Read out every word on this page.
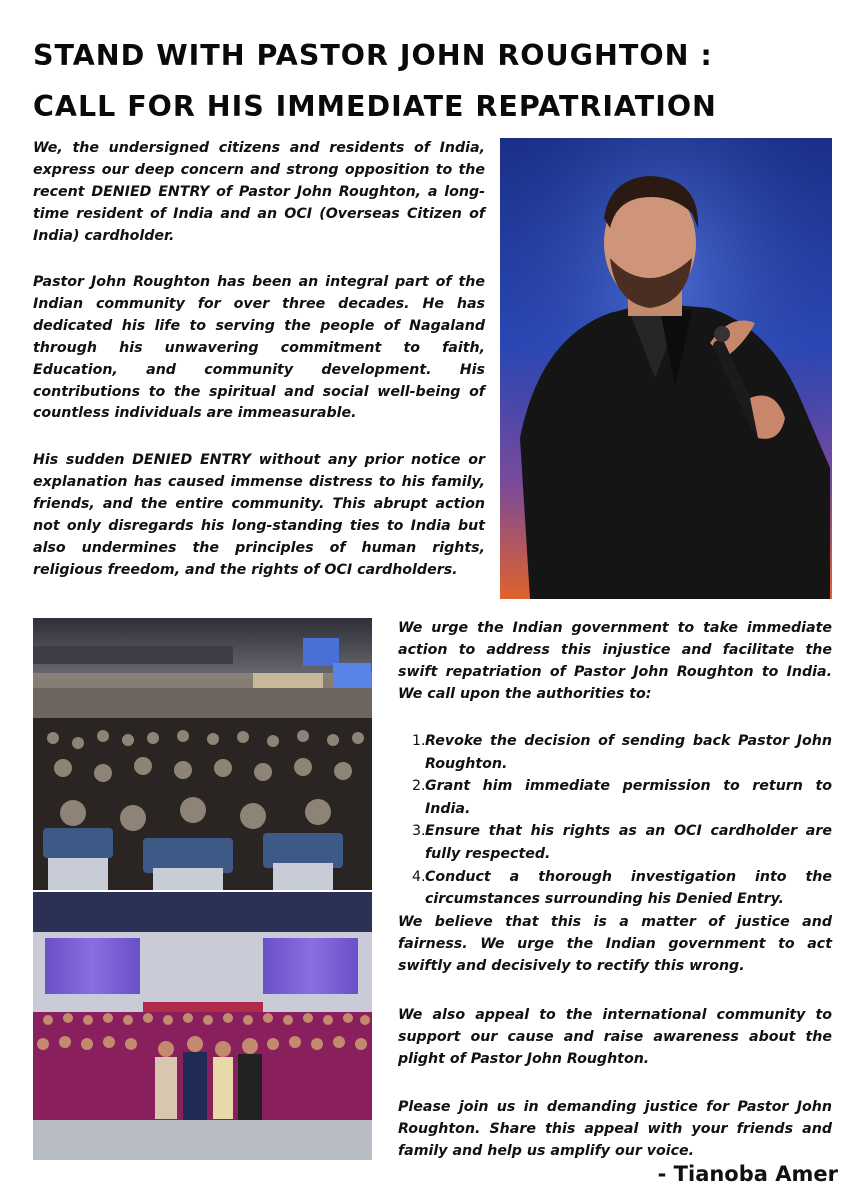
STAND WITH PASTOR JOHN ROUGHTON :
CALL FOR HIS IMMEDIATE REPATRIATION

We, the undersigned citizens and residents of India, express our deep concern and strong opposition to the recent DENIED ENTRY of Pastor John Roughton, a long-time resident of India and an OCI (Overseas Citizen of India) cardholder.

Pastor John Roughton has been an integral part of the Indian community for over three decades. He has dedicated his life to serving the people of Nagaland through his unwavering commitment to faith, Education, and community development. His contributions to the spiritual and social well-being of countless individuals are immeasurable.

His sudden DENIED ENTRY without any prior notice or explanation has caused immense distress to his family, friends, and the entire community. This abrupt action not only disregards his long-standing ties to India but also undermines the principles of human rights, religious freedom, and the rights of OCI cardholders.

We urge the Indian government to take immediate action to address this injustice and facilitate the swift repatriation of Pastor John Roughton to India. We call upon the authorities to:

1. Revoke the decision of sending back Pastor John Roughton.
2. Grant him immediate permission to return to India.
3. Ensure that his rights as an OCI cardholder are fully respected.
4. Conduct a thorough investigation into the circumstances surrounding his Denied Entry.

We believe that this is a matter of justice and fairness. We urge the Indian government to act swiftly and decisively to rectify this wrong.

We also appeal to the international community to support our cause and raise awareness about the plight of Pastor John Roughton.

Please join us in demanding justice for Pastor John Roughton. Share this appeal with your friends and family and help us amplify our voice.

- Tianoba Amer
